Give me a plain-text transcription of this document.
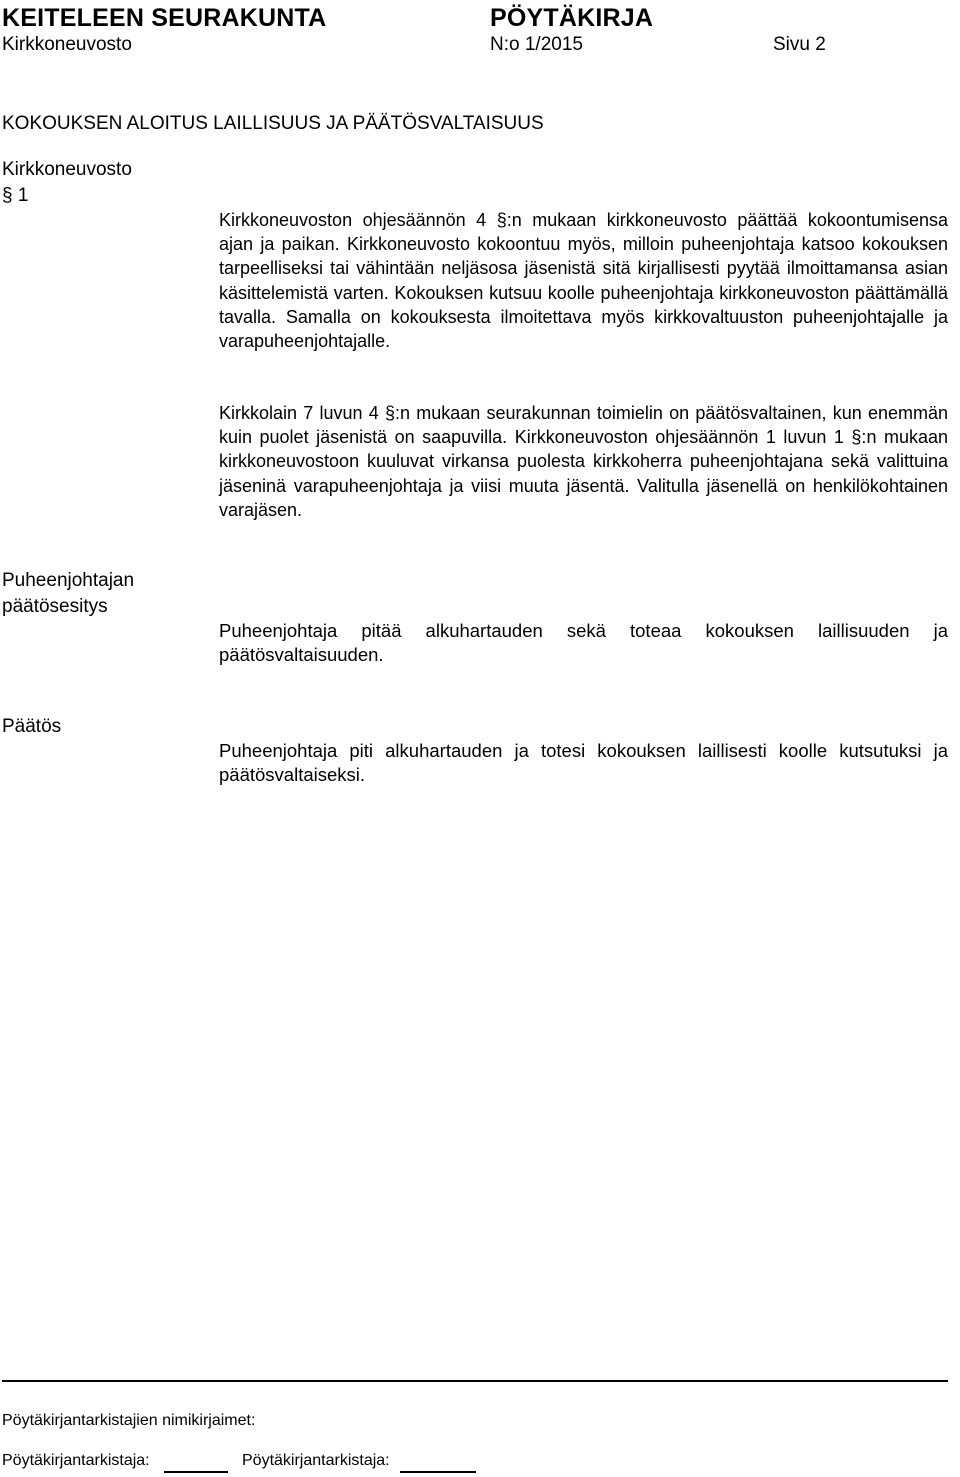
KEITELEEN SEURAKUNTA	PÖYTÄKIRJA
Kirkkoneuvosto	N:o 1/2015	Sivu 2
KOKOUKSEN ALOITUS LAILLISUUS JA PÄÄTÖSVALTAISUUS
Kirkkoneuvosto
§ 1
Kirkkoneuvoston ohjesäännön 4 §:n mukaan kirkkoneuvosto päättää kokoontumisensa ajan ja paikan. Kirkkoneuvosto kokoontuu myös, milloin puheenjohtaja katsoo kokouksen tarpeelliseksi tai vähintään neljäsosa jäsenistä sitä kirjallisesti pyytää ilmoittamansa asian käsittelemistä varten. Kokouksen kutsuu koolle puheenjohtaja kirkkoneuvoston päättämällä tavalla. Samalla on kokouksesta ilmoitettava myös kirkkovaltuuston puheenjohtajalle ja varapuheenjohtajalle.
Kirkkolain 7 luvun 4 §:n mukaan seurakunnan toimielin on päätösvaltainen, kun enemmän kuin puolet jäsenistä on saapuvilla. Kirkkoneuvoston ohjesäännön 1 luvun 1 §:n mukaan kirkkoneuvostoon kuuluvat virkansa puolesta kirkkoherra puheenjohtajana sekä valittuina jäseninä varapuheenjohtaja ja viisi muuta jäsentä. Valitulla jäsenellä on henkilökohtainen varajäsen.
Puheenjohtajan
päätösesitys
Puheenjohtaja pitää alkuhartauden sekä toteaa kokouksen laillisuuden ja päätösvaltaisuuden.
Päätös
Puheenjohtaja piti alkuhartauden ja totesi kokouksen laillisesti koolle kutsutuksi ja päätösvaltaiseksi.
Pöytäkirjantarkistajien nimikirjaimet:
Pöytäkirjantarkistaja:	Pöytäkirjantarkistaja:
